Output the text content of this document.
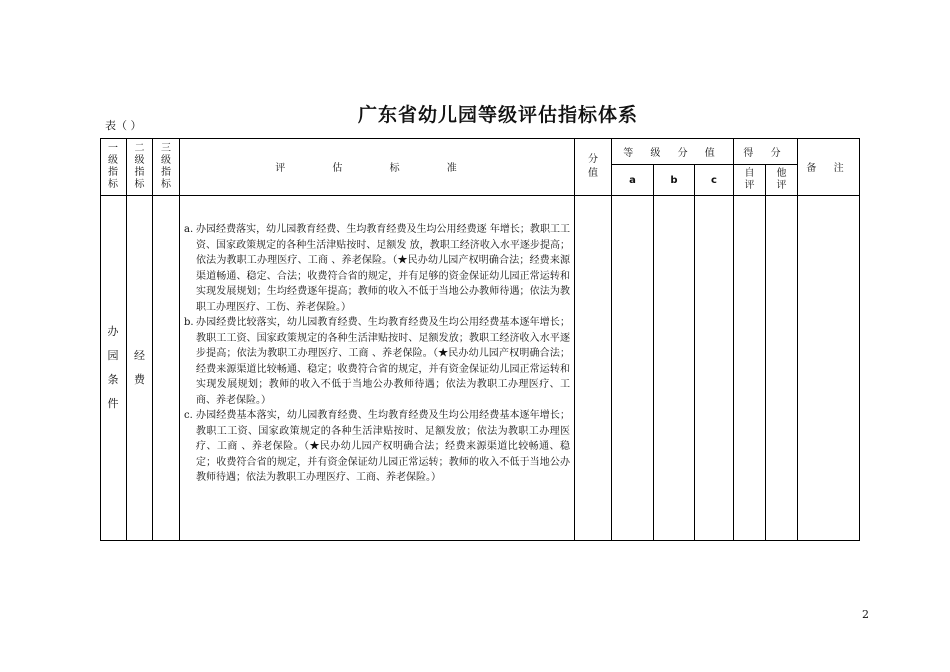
广东省幼儿园等级评估指标体系
表（ ）
一级指标
二级指标
三级指标
评 估 标 准
分值
等 级 分 值
a	b	c
得 分
自评
他评
备 注
办园条件
经费
a. 办园经费落实，幼儿园教育经费、生均教育经费及生均公用经费逐 年增长；教职工工资、国家政策规定的各种生活津贴按时、足额发 放，教职工经济收入水平逐步提高；依法为教职工办理医疗、工商 、养老保险。（★民办幼儿园产权明确合法；经费来源渠道畅通、稳定、合法；收费符合省的规定，并有足够的资金保证幼儿园正常运转和实现发展规划；生均经费逐年提高；教师的收入不低于当地公办教师待遇；依法为教职工办理医疗、工伤、养老保险。）
b. 办园经费比较落实，幼儿园教育经费、生均教育经费及生均公用经费基本逐年增长；教职工工资、国家政策规定的各种生活津贴按时、足额发放；教职工经济收入水平逐步提高；依法为教职工办理医疗、工商 、养老保险。（★民办幼儿园产权明确合法；经费来源渠道比较畅通、稳定；收费符合省的规定，并有资金保证幼儿园正常运转和实现发展规划；教师的收入不低于当地公办教师待遇；依法为教职工办理医疗、工商、养老保险。）
c. 办园经费基本落实，幼儿园教育经费、生均教育经费及生均公用经费基本逐年增长；教职工工资、国家政策规定的各种生活津贴按时、足额发放；依法为教职工办理医疗、工商 、养老保险。（★民办幼儿园产权明确合法；经费来源渠道比较畅通、稳定；收费符合省的规定，并有资金保证幼儿园正常运转；教师的收入不低于当地公办教师待遇；依法为教职工办理医疗、工商、养老保险。）
2
